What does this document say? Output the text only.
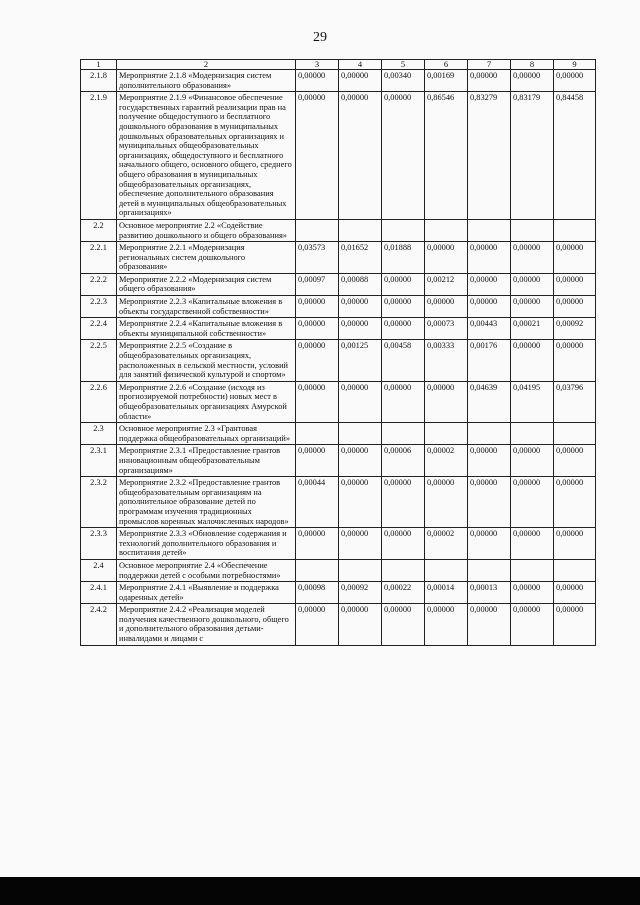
29
1	2	3	4	5	6	7	8	9
2.1.8	Мероприятие 2.1.8 «Модернизация систем дополнительного образования»	0,00000	0,00000	0,00340	0,00169	0,00000	0,00000	0,00000
2.1.9	Мероприятие 2.1.9 «Финансовое обеспечение государственных гарантий реализации прав на получение общедоступного и бесплатного дошкольного образования в муниципальных дошкольных образовательных организациях и муниципальных общеобразовательных организациях, общедоступного и бесплатного начального общего, основного общего, среднего общего образования в муниципальных общеобразовательных организациях, обеспечение дополнительного образования детей в муниципальных общеобразовательных организациях»	0,00000	0,00000	0,00000	0,86546	0,83279	0,83179	0,84458
2.2	Основное мероприятие 2.2 «Содействие развитию дошкольного и общего образования»							
2.2.1	Мероприятие 2.2.1 «Модернизация региональных систем дошкольного образования»	0,03573	0,01652	0,01888	0,00000	0,00000	0,00000	0,00000
2.2.2	Мероприятие 2.2.2 «Модернизация систем общего образования»	0,00097	0,00088	0,00000	0,00212	0,00000	0,00000	0,00000
2.2.3	Мероприятие 2.2.3 «Капитальные вложения в объекты государственной собственности»	0,00000	0,00000	0,00000	0,00000	0,00000	0,00000	0,00000
2.2.4	Мероприятие 2.2.4 «Капитальные вложения в объекты муниципальной собственности»	0,00000	0,00000	0,00000	0,00073	0,00443	0,00021	0,00092
2.2.5	Мероприятие 2.2.5 «Создание в общеобразовательных организациях, расположенных в сельской местности, условий для занятий физической культурой и спортом»	0,00000	0,00125	0,00458	0,00333	0,00176	0,00000	0,00000
2.2.6	Мероприятие 2.2.6 «Создание (исходя из прогнозируемой потребности) новых мест в общеобразовательных организациях Амурской области»	0,00000	0,00000	0,00000	0,00000	0,04639	0,04195	0,03796
2.3	Основное мероприятие 2.3 «Грантовая поддержка общеобразовательных организаций»							
2.3.1	Мероприятие 2.3.1 «Предоставление грантов инновационным общеобразовательным организациям»	0,00000	0,00000	0,00006	0,00002	0,00000	0,00000	0,00000
2.3.2	Мероприятие 2.3.2 «Предоставление грантов общеобразовательным организациям на дополнительное образование детей по программам изучения традиционных промыслов коренных малочисленных народов»	0,00044	0,00000	0,00000	0,00000	0,00000	0,00000	0,00000
2.3.3	Мероприятие 2.3.3 «Обновление содержания и технологий дополнительного образования и воспитания детей»	0,00000	0,00000	0,00000	0,00002	0,00000	0,00000	0,00000
2.4	Основное мероприятие 2.4 «Обеспечение поддержки детей с особыми потребностями»							
2.4.1	Мероприятие 2.4.1 «Выявление и поддержка одаренных детей»	0,00098	0,00092	0,00022	0,00014	0,00013	0,00000	0,00000
2.4.2	Мероприятие 2.4.2 «Реализация моделей получения качественного дошкольного, общего и дополнительного образования детьми-инвалидами и лицами с	0,00000	0,00000	0,00000	0,00000	0,00000	0,00000	0,00000
